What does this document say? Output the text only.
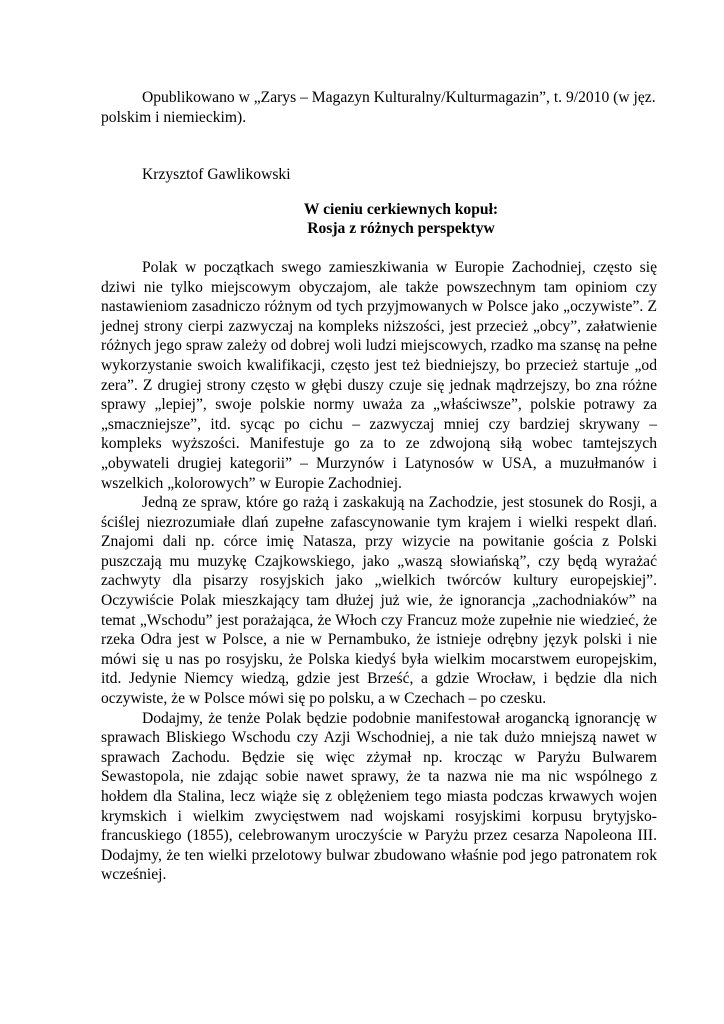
Opublikowano w „Zarys – Magazyn Kulturalny/Kulturmagazin”, t. 9/2010 (w jęz. polskim i niemieckim).

Krzysztof Gawlikowski

W cieniu cerkiewnych kopuł:
Rosja z różnych perspektyw

Polak w początkach swego zamieszkiwania w Europie Zachodniej, często się dziwi nie tylko miejscowym obyczajom, ale także powszechnym tam opiniom czy nastawieniom zasadniczo różnym od tych przyjmowanych w Polsce jako „oczywiste”. Z jednej strony cierpi zazwyczaj na kompleks niższości, jest przecież „obcy”, załatwienie różnych jego spraw zależy od dobrej woli ludzi miejscowych, rzadko ma szansę na pełne wykorzystanie swoich kwalifikacji, często jest też biedniejszy, bo przecież startuje „od zera”. Z drugiej strony często w głębi duszy czuje się jednak mądrzejszy, bo zna różne sprawy „lepiej”, swoje polskie normy uważa za „właściwsze”, polskie potrawy za „smaczniejsze”, itd. sycąc po cichu – zazwyczaj mniej czy bardziej skrywany – kompleks wyższości. Manifestuje go za to ze zdwojoną siłą wobec tamtejszych „obywateli drugiej kategorii” – Murzynów i Latynosów w USA, a muzułmanów i wszelkich „kolorowych” w Europie Zachodniej.

Jedną ze spraw, które go rażą i zaskakują na Zachodzie, jest stosunek do Rosji, a ściślej niezrozumiałe dlań zupełne zafascynowanie tym krajem i wielki respekt dlań. Znajomi dali np. córce imię Natasza, przy wizycie na powitanie gościa z Polski puszczają mu muzykę Czajkowskiego, jako „waszą słowiańską”, czy będą wyrażać zachwyty dla pisarzy rosyjskich jako „wielkich twórców kultury europejskiej”. Oczywiście Polak mieszkający tam dłużej już wie, że ignorancja „zachodniaków” na temat „Wschodu” jest porażająca, że Włoch czy Francuz może zupełnie nie wiedzieć, że rzeka Odra jest w Polsce, a nie w Pernambuko, że istnieje odrębny język polski i nie mówi się u nas po rosyjsku, że Polska kiedyś była wielkim mocarstwem europejskim, itd. Jedynie Niemcy wiedzą, gdzie jest Brześć, a gdzie Wrocław, i będzie dla nich oczywiste, że w Polsce mówi się po polsku, a w Czechach – po czesku.

Dodajmy, że tenże Polak będzie podobnie manifestował arogancką ignorancję w sprawach Bliskiego Wschodu czy Azji Wschodniej, a nie tak dużo mniejszą nawet w sprawach Zachodu. Będzie się więc zżymał np. krocząc w Paryżu Bulwarem Sewastopola, nie zdając sobie nawet sprawy, że ta nazwa nie ma nic wspólnego z hołdem dla Stalina, lecz wiąże się z oblężeniem tego miasta podczas krwawych wojen krymskich i wielkim zwycięstwem nad wojskami rosyjskimi korpusu brytyjsko-francuskiego (1855), celebrowanym uroczyście w Paryżu przez cesarza Napoleona III. Dodajmy, że ten wielki przelotowy bulwar zbudowano właśnie pod jego patronatem rok wcześniej.
